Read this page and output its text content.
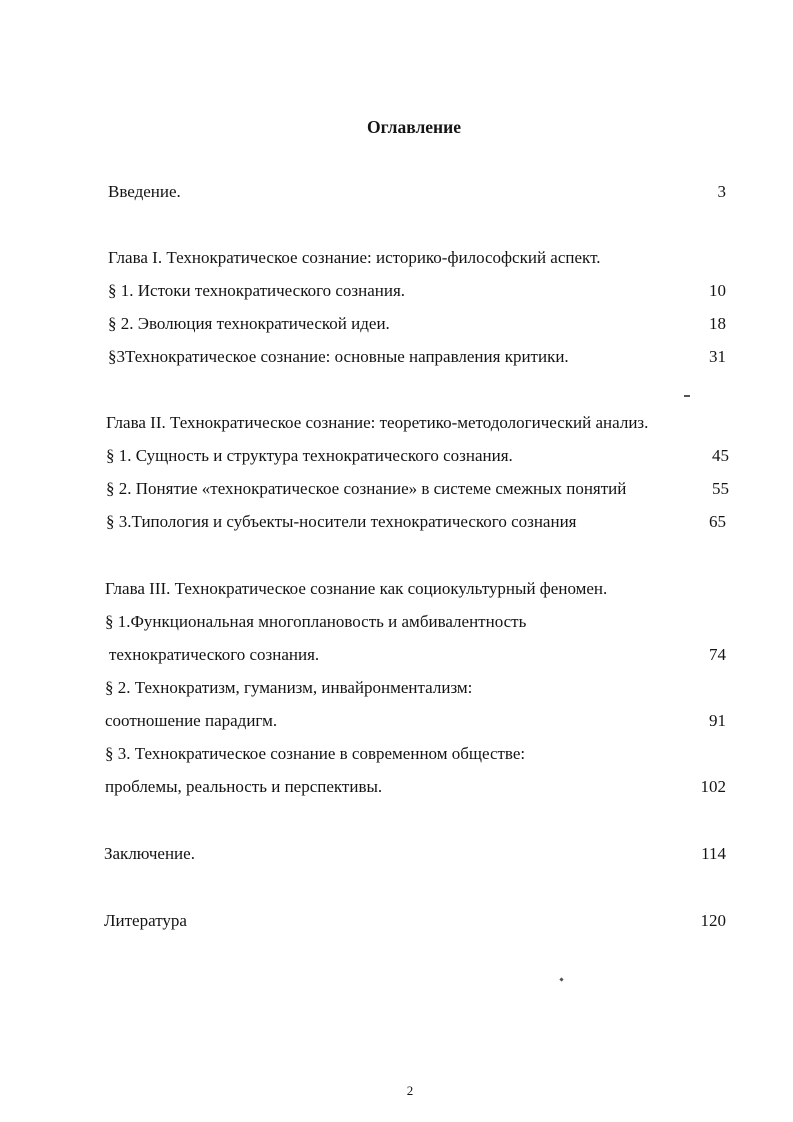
Оглавление
Введение.	3
Глава I. Технократическое сознание: историко-философский аспект.
§ 1. Истоки технократического сознания.	10
§ 2. Эволюция технократической идеи.	18
§3Технократическое сознание: основные направления критики.	31
Глава II. Технократическое сознание: теоретико-методологический анализ.
§ 1. Сущность и структура технократического сознания.	45
§ 2. Понятие «технократическое сознание» в системе смежных понятий	55
§ 3.Типология и субъекты-носители технократического сознания	65
Глава III. Технократическое сознание как социокультурный феномен.
§ 1.Функциональная многоплановость и амбивалентность
технократического сознания.	74
§ 2. Технократизм, гуманизм, инвайронментализм:
соотношение парадигм.	91
§ 3. Технократическое сознание в современном обществе:
проблемы, реальность и перспективы.	102
Заключение.	114
Литература	120
2
